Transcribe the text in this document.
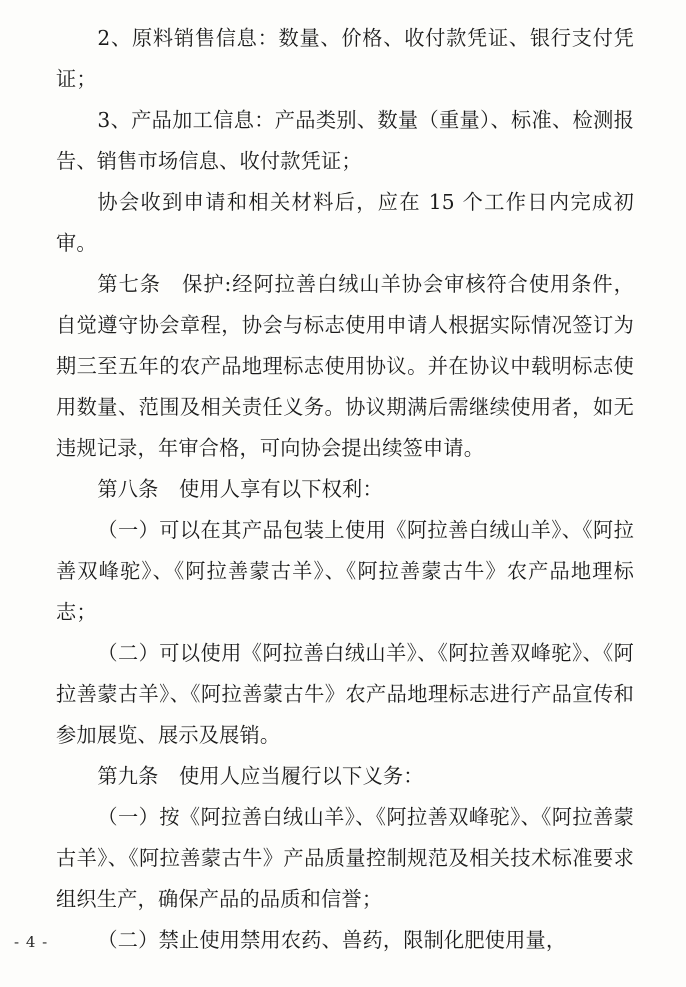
2、原料销售信息：数量、价格、收付款凭证、银行支付凭证；

3、产品加工信息：产品类别、数量（重量）、标准、检测报告、销售市场信息、收付款凭证；

协会收到申请和相关材料后，应在 15 个工作日内完成初审。

第七条　保护:经阿拉善白绒山羊协会审核符合使用条件，自觉遵守协会章程，协会与标志使用申请人根据实际情况签订为期三至五年的农产品地理标志使用协议。并在协议中载明标志使用数量、范围及相关责任义务。协议期满后需继续使用者，如无违规记录，年审合格，可向协会提出续签申请。

第八条　使用人享有以下权利：

（一）可以在其产品包装上使用《阿拉善白绒山羊》、《阿拉善双峰驼》、《阿拉善蒙古羊》、《阿拉善蒙古牛》农产品地理标志；

（二）可以使用《阿拉善白绒山羊》、《阿拉善双峰驼》、《阿拉善蒙古羊》、《阿拉善蒙古牛》农产品地理标志进行产品宣传和参加展览、展示及展销。

第九条　使用人应当履行以下义务：

（一）按《阿拉善白绒山羊》、《阿拉善双峰驼》、《阿拉善蒙古羊》、《阿拉善蒙古牛》产品质量控制规范及相关技术标准要求组织生产，确保产品的品质和信誉；

（二）禁止使用禁用农药、兽药，限制化肥使用量，

- 4 -
